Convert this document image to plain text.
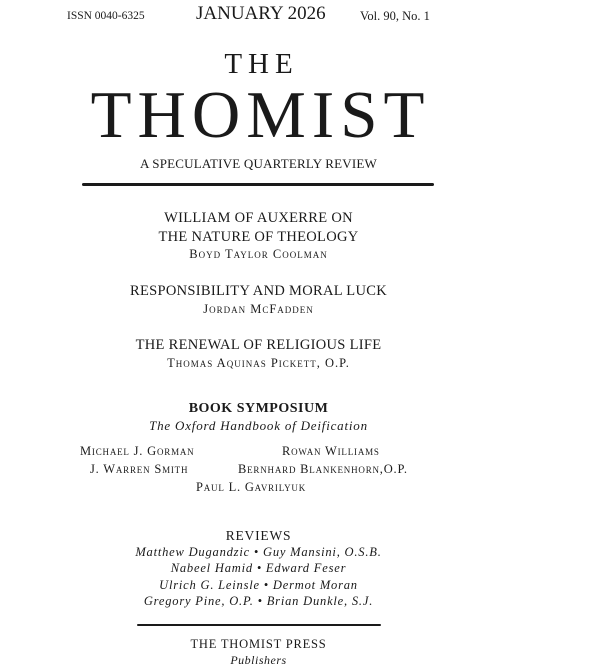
ISSN 0040-6325	JANUARY 2026	Vol. 90, No. 1
THE
THOMIST
A SPECULATIVE QUARTERLY REVIEW
WILLIAM OF AUXERRE ON
THE NATURE OF THEOLOGY
Boyd Taylor Coolman
RESPONSIBILITY AND MORAL LUCK
Jordan McFadden
THE RENEWAL OF RELIGIOUS LIFE
Thomas Aquinas Pickett, O.P.
BOOK SYMPOSIUM
The Oxford Handbook of Deification
Michael J. Gorman	Rowan Williams
J. Warren Smith	Bernhard Blankenhorn,O.P.
Paul L. Gavrilyuk
REVIEWS
Matthew Dugandzic • Guy Mansini, O.S.B.
Nabeel Hamid • Edward Feser
Ulrich G. Leinsle • Dermot Moran
Gregory Pine, O.P. • Brian Dunkle, S.J.
THE THOMIST PRESS
Publishers
